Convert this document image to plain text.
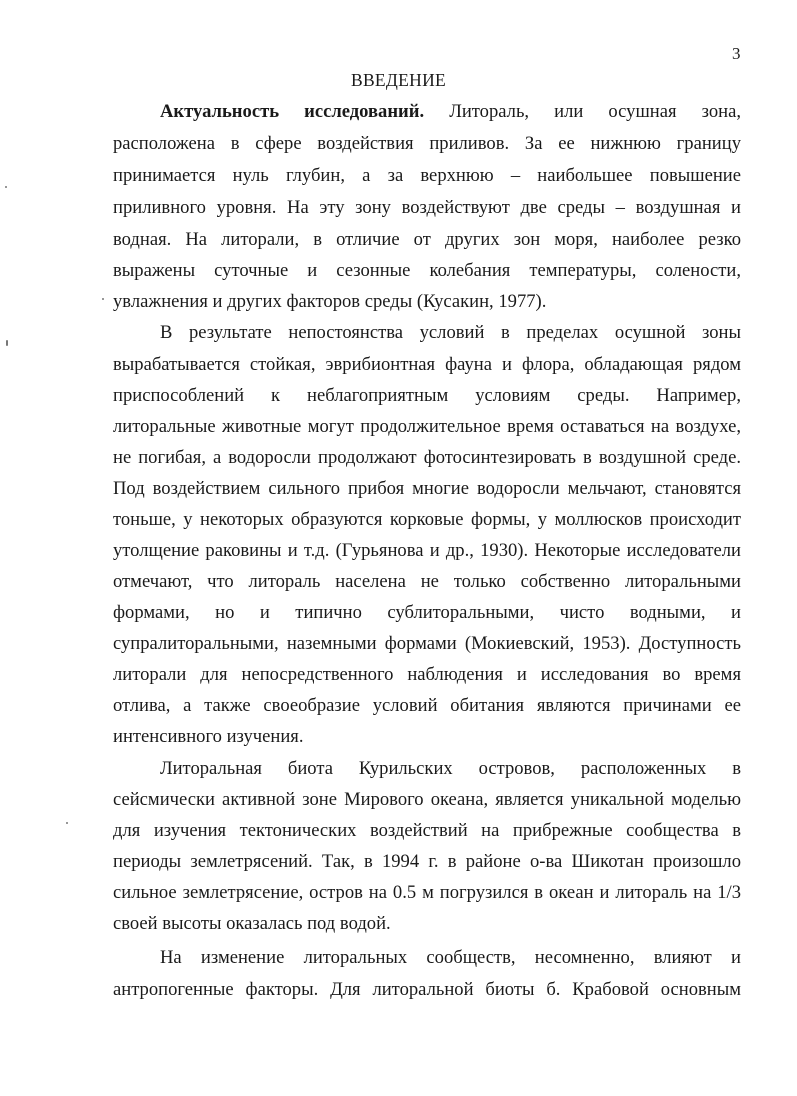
3
ВВЕДЕНИЕ
Актуальность исследований. Литораль, или осушная зона,
расположена в сфере воздействия приливов. За ее нижнюю границу
принимается нуль глубин, а за верхнюю – наибольшее повышение
приливного уровня. На эту зону воздействуют две среды – воздушная и
водная. На литорали, в отличие от других зон моря, наиболее резко
выражены суточные и сезонные колебания температуры, солености,
увлажнения и других факторов среды (Кусакин, 1977).
В результате непостоянства условий в пределах осушной зоны
вырабатывается стойкая, эврибионтная фауна и флора, обладающая рядом
приспособлений к неблагоприятным условиям среды. Например,
литоральные животные могут продолжительное время оставаться на воздухе,
не погибая, а водоросли продолжают фотосинтезировать в воздушной среде.
Под воздействием сильного прибоя многие водоросли мельчают, становятся
тоньше, у некоторых образуются корковые формы, у моллюсков происходит
утолщение раковины и т.д. (Гурьянова и др., 1930). Некоторые исследователи
отмечают, что литораль населена не только собственно литоральными
формами, но и типично сублиторальными, чисто водными, и
супралиторальными, наземными формами (Мокиевский, 1953). Доступность
литорали для непосредственного наблюдения и исследования во время
отлива, а также своеобразие условий обитания являются причинами ее
интенсивного изучения.
Литоральная биота Курильских островов, расположенных в
сейсмически активной зоне Мирового океана, является уникальной моделью
для изучения тектонических воздействий на прибрежные сообщества в
периоды землетрясений. Так, в 1994 г. в районе о-ва Шикотан произошло
сильное землетрясение, остров на 0.5 м погрузился в океан и литораль на 1/3
своей высоты оказалась под водой.
На изменение литоральных сообществ, несомненно, влияют и
антропогенные факторы. Для литоральной биоты б. Крабовой основным
